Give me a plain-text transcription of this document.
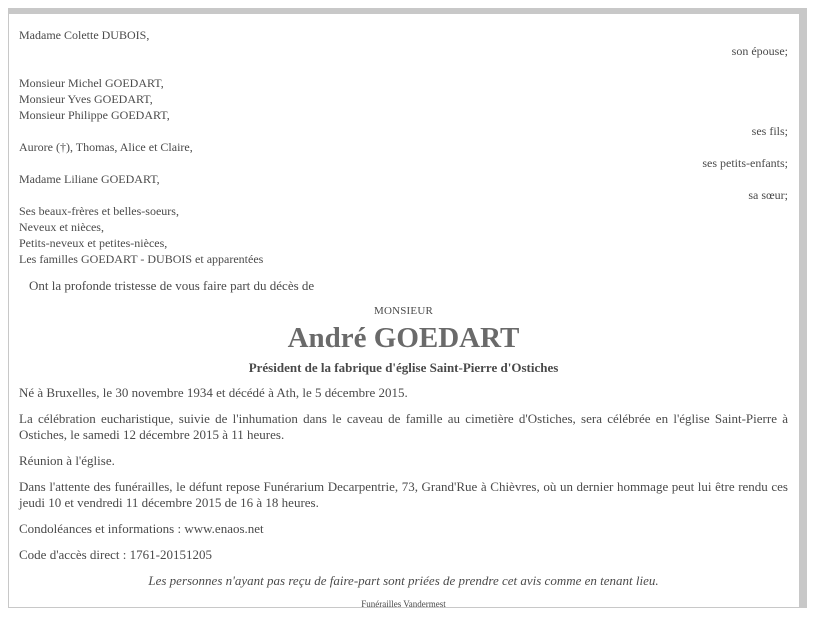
Madame Colette DUBOIS,
son épouse;

Monsieur Michel GOEDART,
Monsieur Yves GOEDART,
Monsieur Philippe GOEDART,
ses fils;
Aurore (†), Thomas, Alice et Claire,
ses petits-enfants;
Madame Liliane GOEDART,
sa sœur;
Ses beaux-frères et belles-soeurs,
Neveux et nièces,
Petits-neveux et petites-nièces,
Les familles GOEDART - DUBOIS et apparentées
Ont la profonde tristesse de vous faire part du décès de
MONSIEUR
André GOEDART
Président de la fabrique d'église Saint-Pierre d'Ostiches
Né à Bruxelles, le 30 novembre 1934 et décédé à Ath, le 5 décembre 2015.
La célébration eucharistique, suivie de l'inhumation dans le caveau de famille au cimetière d'Ostiches, sera célébrée en l'église Saint-Pierre à Ostiches, le samedi 12 décembre 2015 à 11 heures.
Réunion à l'église.
Dans l'attente des funérailles, le défunt repose Funérarium Decarpentrie, 73, Grand'Rue à Chièvres, où un dernier hommage peut lui être rendu ces jeudi 10 et vendredi 11 décembre 2015 de 16 à 18 heures.
Condoléances et informations : www.enaos.net
Code d'accès direct : 1761-20151205
Les personnes n'ayant pas reçu de faire-part sont priées de prendre cet avis comme en tenant lieu.
Funérailles Vandermest
